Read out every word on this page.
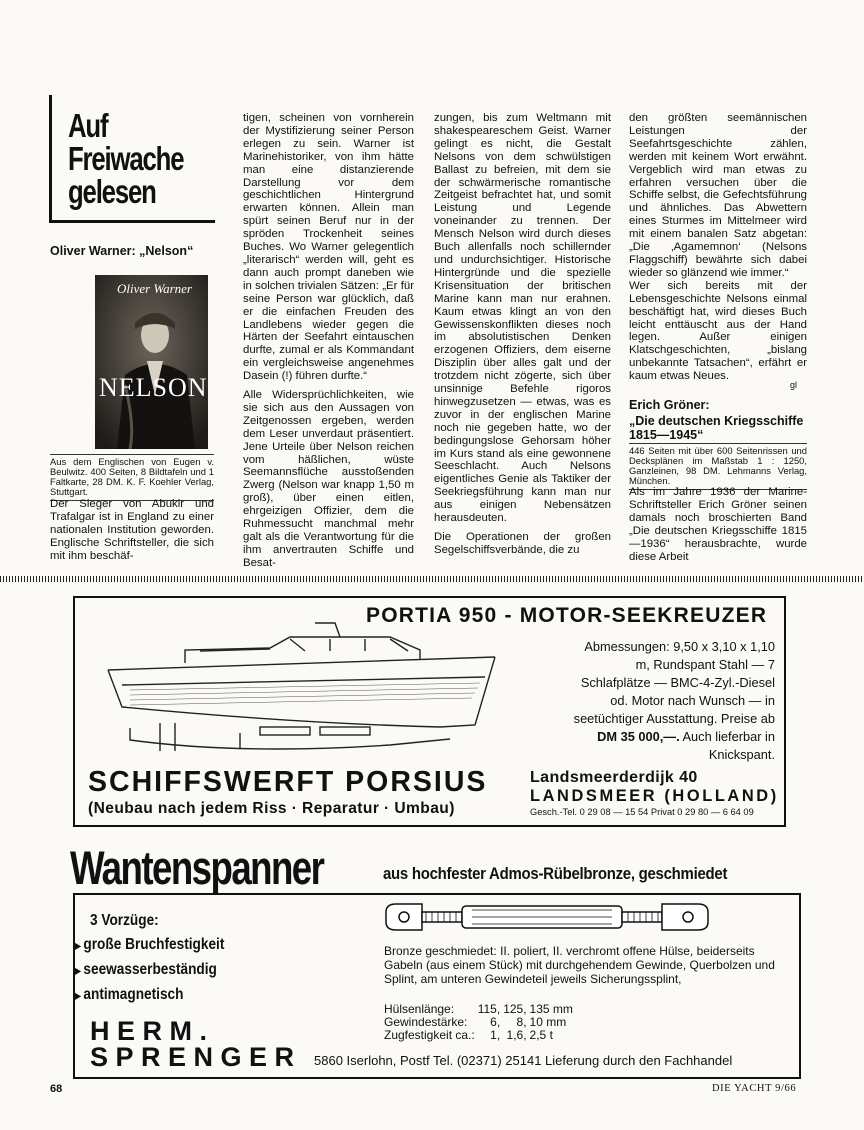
Auf
Freiwache
gelesen
Oliver Warner: „Nelson“
Oliver Warner
NELSON
Aus dem Englischen von Eugen v. Beulwitz. 400 Seiten, 8 Bildtafeln und 1 Faltkarte, 28 DM. K. F. Koehler Verlag, Stuttgart.

Der Sieger von Abukir und Trafalgar ist in England zu einer nationalen Institution geworden. Englische Schriftsteller, die sich mit ihm beschäf-

tigen, scheinen von vornherein der Mystifizierung seiner Person erlegen zu sein. Warner ist Marinehistoriker, von ihm hätte man eine distanzierende Darstellung vor dem geschichtlichen Hintergrund erwarten können. Allein man spürt seinen Beruf nur in der spröden Trockenheit seines Buches. Wo Warner gelegentlich „literarisch“ werden will, geht es dann auch prompt daneben wie in solchen trivialen Sätzen: „Er für seine Person war glücklich, daß er die einfachen Freuden des Landlebens wieder gegen die Härten der Seefahrt eintauschen durfte, zumal er als Kommandant ein vergleichsweise angenehmes Dasein (!) führen durfte.“

Alle Widersprüchlichkeiten, wie sie sich aus den Aussagen von Zeitgenossen ergeben, werden dem Leser unverdaut präsentiert. Jene Urteile über Nelson reichen vom häßlichen, wüste Seemannsflüche ausstoßenden Zwerg (Nelson war knapp 1,50 m groß), über einen eitlen, ehrgeizigen Offizier, dem die Ruhmessucht manchmal mehr galt als die Verantwortung für die ihm anvertrauten Schiffe und Besat-

zungen, bis zum Weltmann mit shakespeareschem Geist. Warner gelingt es nicht, die Gestalt Nelsons von dem schwülstigen Ballast zu befreien, mit dem sie der schwärmerische romantische Zeitgeist befrachtet hat, und somit Leistung und Legende voneinander zu trennen. Der Mensch Nelson wird durch dieses Buch allenfalls noch schillernder und undurchsichtiger. Historische Hintergründe und die spezielle Krisensituation der britischen Marine kann man nur erahnen. Kaum etwas klingt an von den Gewissenskonflikten dieses noch im absolutistischen Denken erzogenen Offiziers, dem eiserne Disziplin über alles galt und der trotzdem nicht zögerte, sich über unsinnige Befehle rigoros hinwegzusetzen — etwas, was es zuvor in der englischen Marine noch nie gegeben hatte, wo der bedingungslose Gehorsam höher im Kurs stand als eine gewonnene Seeschlacht. Auch Nelsons eigentliches Genie als Taktiker der Seekriegsführung kann man nur aus einigen Nebensätzen herausdeuten.

Die Operationen der großen Segelschiffsverbände, die zu

den größten seemännischen Leistungen der Seefahrtsgeschichte zählen, werden mit keinem Wort erwähnt. Vergeblich wird man etwas zu erfahren versuchen über die Schiffe selbst, die Gefechtsführung und ähnliches. Das Abwettern eines Sturmes im Mittelmeer wird mit einem banalen Satz abgetan: „Die ‚Agamemnon‘ (Nelsons Flaggschiff) bewährte sich dabei wieder so glänzend wie immer.“

Wer sich bereits mit der Lebensgeschichte Nelsons einmal beschäftigt hat, wird dieses Buch leicht enttäuscht aus der Hand legen. Außer einigen Klatschgeschichten, „bislang unbekannte Tatsachen“, erfährt er kaum etwas Neues.

gl
Erich Gröner:
„Die deutschen Kriegsschiffe 1815—1945“
446 Seiten mit über 600 Seitenrissen und Decksplänen im Maßstab 1 : 1250, Ganzleinen, 98 DM. Lehmanns Verlag, München.

Als im Jahre 1936 der Marine-Schriftsteller Erich Gröner seinen damals noch broschierten Band „Die deutschen Kriegsschiffe 1815—1936“ herausbrachte, wurde diese Arbeit

PORTIA 950 - MOTOR-SEEKREUZER
Abmessungen: 9,50 x 3,10 x 1,10 m, Rundspant Stahl — 7 Schlafplätze — BMC-4-Zyl.-Diesel od. Motor nach Wunsch — in seetüchtiger Ausstattung. Preise ab DM 35 000,—. Auch lieferbar in Knickspant.
SCHIFFSWERFT PORSIUS
(Neubau nach jedem Riss · Reparatur · Umbau)
Landsmeerderdijk 40
LANDSMEER (HOLLAND)
Gesch.-Tel. 0 29 08 — 15 54 Privat 0 29 80 — 6 64 09
Wantenspanner	aus hochfester Admos-Rübelbronze, geschmiedet
3 Vorzüge:
▶ große Bruchfestigkeit
▶ seewasserbeständig
▶ antimagnetisch
Bronze geschmiedet: II. poliert, II. verchromt offene Hülse, beiderseits Gabeln (aus einem Stück) mit durchgehendem Gewinde, Querbolzen und Splint, am unteren Gewindeteil jeweils Sicherungssplint,
Hülsenlänge:	115,	125,	135 mm
Gewindestärke:	6,	8,	10 mm
Zugfestigkeit ca.:	1,	1,6,	2,5 t
HERM.
SPRENGER 5860 Iserlohn, Postf Tel. (02371) 25141 Lieferung durch den Fachhandel
68	DIE YACHT 9/66
